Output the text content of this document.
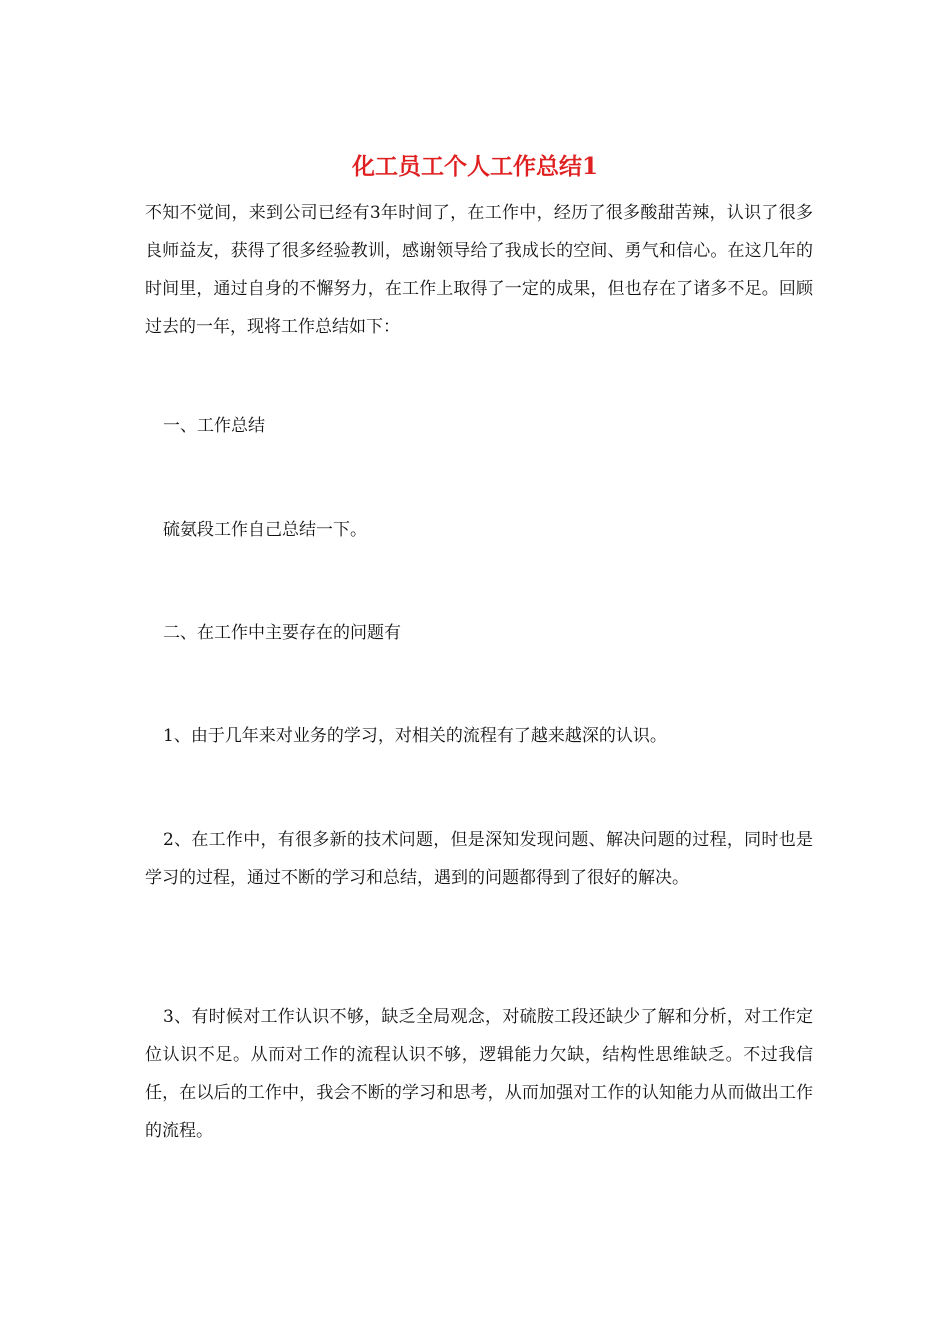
化工员工个人工作总结1

不知不觉间，来到公司已经有3年时间了，在工作中，经历了很多酸甜苦辣，认识了很多良师益友，获得了很多经验教训，感谢领导给了我成长的空间、勇气和信心。在这几年的时间里，通过自身的不懈努力，在工作上取得了一定的成果，但也存在了诸多不足。回顾过去的一年，现将工作总结如下：

一、工作总结

硫氨段工作自己总结一下。

二、在工作中主要存在的问题有

1、由于几年来对业务的学习，对相关的流程有了越来越深的认识。

2、在工作中，有很多新的技术问题，但是深知发现问题、解决问题的过程，同时也是学习的过程，通过不断的学习和总结，遇到的问题都得到了很好的解决。

3、有时候对工作认识不够，缺乏全局观念，对硫胺工段还缺少了解和分析，对工作定位认识不足。从而对工作的流程认识不够，逻辑能力欠缺，结构性思维缺乏。不过我信任，在以后的工作中，我会不断的学习和思考，从而加强对工作的认知能力从而做出工作的流程。
